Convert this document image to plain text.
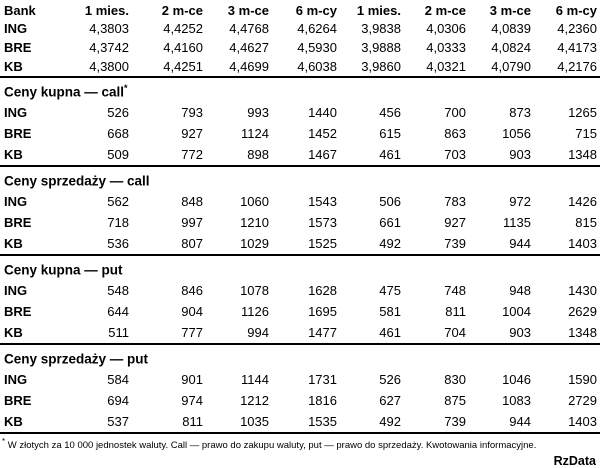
Bank	1 mies.	2 m-ce	3 m-ce	6 m-cy	1 mies.	2 m-ce	3 m-ce	6 m-cy
ING	4,3803	4,4252	4,4768	4,6264	3,9838	4,0306	4,0839	4,2360
BRE	4,3742	4,4160	4,4627	4,5930	3,9888	4,0333	4,0824	4,4173
KB	4,3800	4,4251	4,4699	4,6038	3,9860	4,0321	4,0790	4,2176
Ceny kupna — call*
ING	526	793	993	1440	456	700	873	1265
BRE	668	927	1124	1452	615	863	1056	715
KB	509	772	898	1467	461	703	903	1348
Ceny sprzedaży — call								
ING	562	848	1060	1543	506	783	972	1426
BRE	718	997	1210	1573	661	927	1135	815
KB	536	807	1029	1525	492	739	944	1403
Ceny kupna — put								
ING	548	846	1078	1628	475	748	948	1430
BRE	644	904	1126	1695	581	811	1004	2629
KB	511	777	994	1477	461	704	903	1348
Ceny sprzedaży — put								
ING	584	901	1144	1731	526	830	1046	1590
BRE	694	974	1212	1816	627	875	1083	2729
KB	537	811	1035	1535	492	739	944	1403
* W złotych za 10 000 jednostek waluty. Call — prawo do zakupu waluty, put — prawo do sprzedaży. Kwotowania informacyjne.
RzData
